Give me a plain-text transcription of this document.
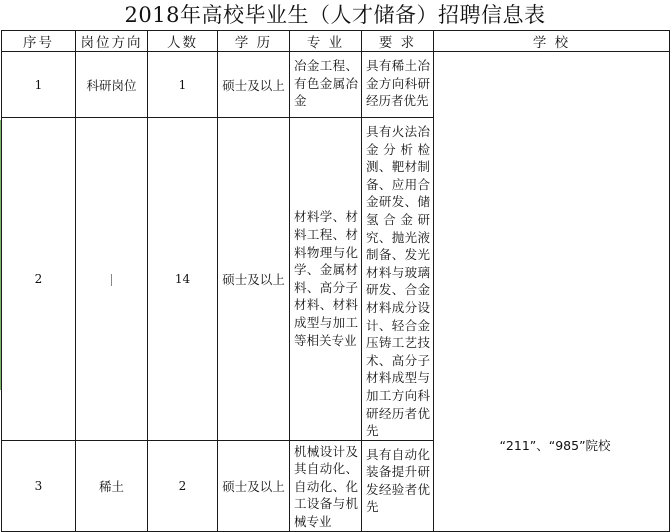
2018年高校毕业生（人才储备）招聘信息表
序号	岗位方向	人数	学 历	专 业	要 求	学 校
1	科研岗位	1	硕士及以上	冶金工程、有色金属冶金	具有稀土冶金方向科研经历者优先	
2		14	硕士及以上	材料学、材料工程、材料物理与化学、金属材料、高分子材料、材料成型与加工等相关专业	具有火法冶金分析检测、靶材制备、应用合金研发、储氢合金研究、抛光液制备、发光材料与玻璃研发、合金材料成分设计、轻合金压铸工艺技术、高分子材料成型与加工方向科研经历者优先	
3	稀土	2	硕士及以上	机械设计及其自动化、自动化、化工设备与机械专业	具有自动化装备提升研发经验者优先	
“211”、“985”院校
